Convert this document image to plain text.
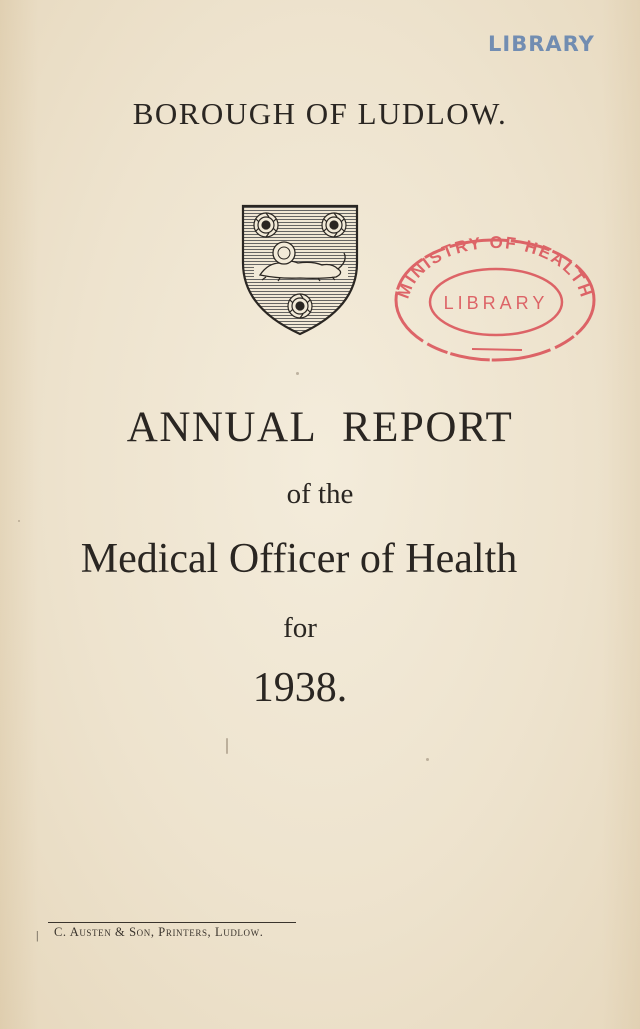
LIBRARY
BOROUGH OF LUDLOW.
MINISTRY OF HEALTH
LIBRARY
ANNUAL REPORT
of the
Medical Officer of Health
for
1938.
| C. Austen & Son, Printers, Ludlow.
